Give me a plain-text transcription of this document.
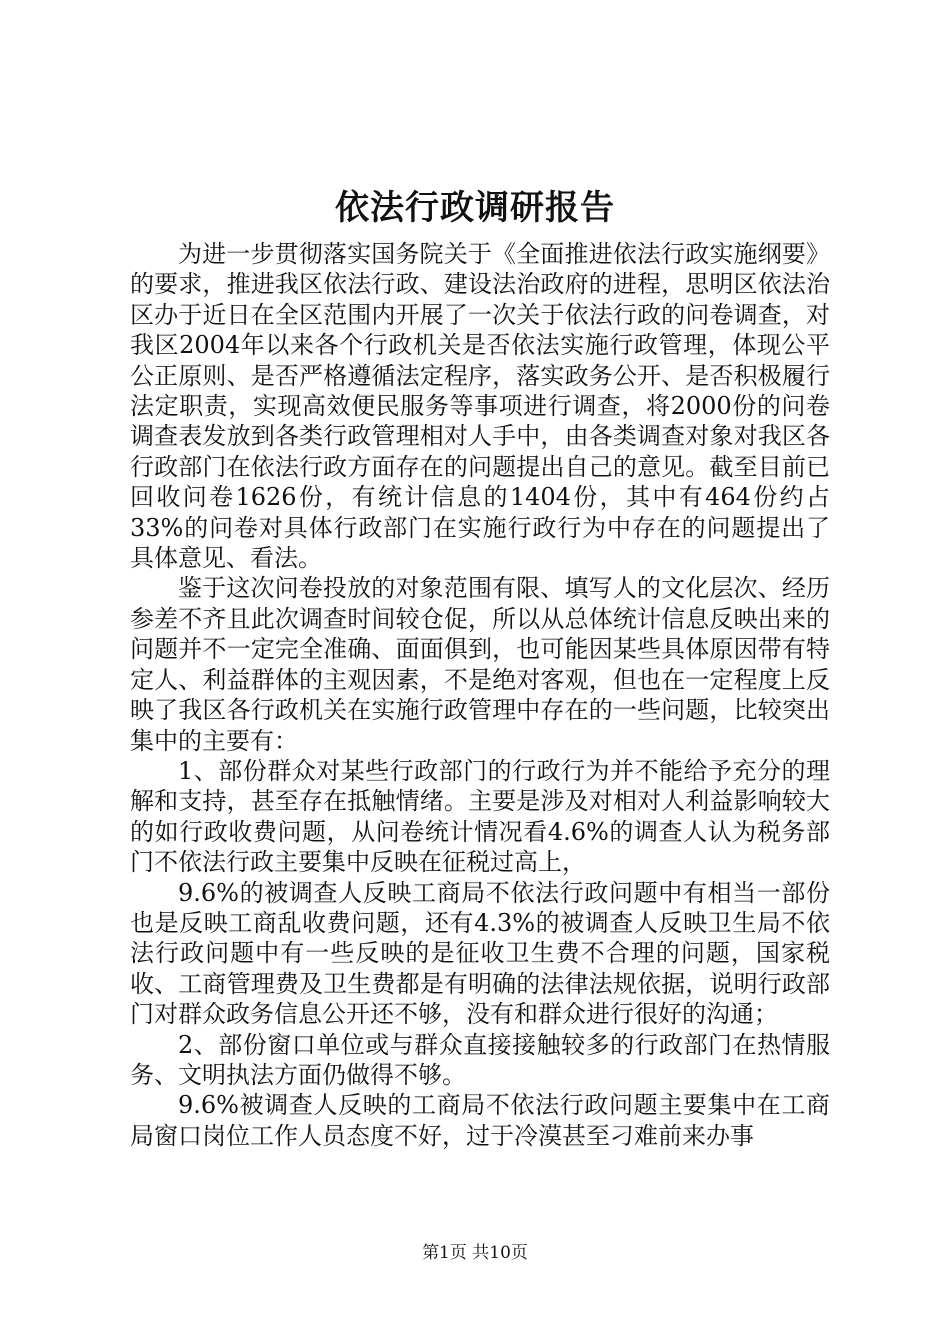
依法行政调研报告

为进一步贯彻落实国务院关于《全面推进依法行政实施纲要》的要求，推进我区依法行政、建设法治政府的进程，思明区依法治区办于近日在全区范围内开展了一次关于依法行政的问卷调查，对我区2004年以来各个行政机关是否依法实施行政管理，体现公平公正原则、是否严格遵循法定程序，落实政务公开、是否积极履行法定职责，实现高效便民服务等事项进行调查，将2000份的问卷调查表发放到各类行政管理相对人手中，由各类调查对象对我区各行政部门在依法行政方面存在的问题提出自己的意见。截至目前已回收问卷1626份，有统计信息的1404份，其中有464份约占33%的问卷对具体行政部门在实施行政行为中存在的问题提出了具体意见、看法。

鉴于这次问卷投放的对象范围有限、填写人的文化层次、经历参差不齐且此次调查时间较仓促，所以从总体统计信息反映出来的问题并不一定完全准确、面面俱到，也可能因某些具体原因带有特定人、利益群体的主观因素，不是绝对客观，但也在一定程度上反映了我区各行政机关在实施行政管理中存在的一些问题，比较突出集中的主要有：

1、部份群众对某些行政部门的行政行为并不能给予充分的理解和支持，甚至存在抵触情绪。主要是涉及对相对人利益影响较大的如行政收费问题，从问卷统计情况看4.6%的调查人认为税务部门不依法行政主要集中反映在征税过高上，

9.6%的被调查人反映工商局不依法行政问题中有相当一部份也是反映工商乱收费问题，还有4.3%的被调查人反映卫生局不依法行政问题中有一些反映的是征收卫生费不合理的问题，国家税收、工商管理费及卫生费都是有明确的法律法规依据，说明行政部门对群众政务信息公开还不够，没有和群众进行很好的沟通；

2、部份窗口单位或与群众直接接触较多的行政部门在热情服务、文明执法方面仍做得不够。

9.6%被调查人反映的工商局不依法行政问题主要集中在工商局窗口岗位工作人员态度不好，过于冷漠甚至刁难前来办事

第1页 共10页
